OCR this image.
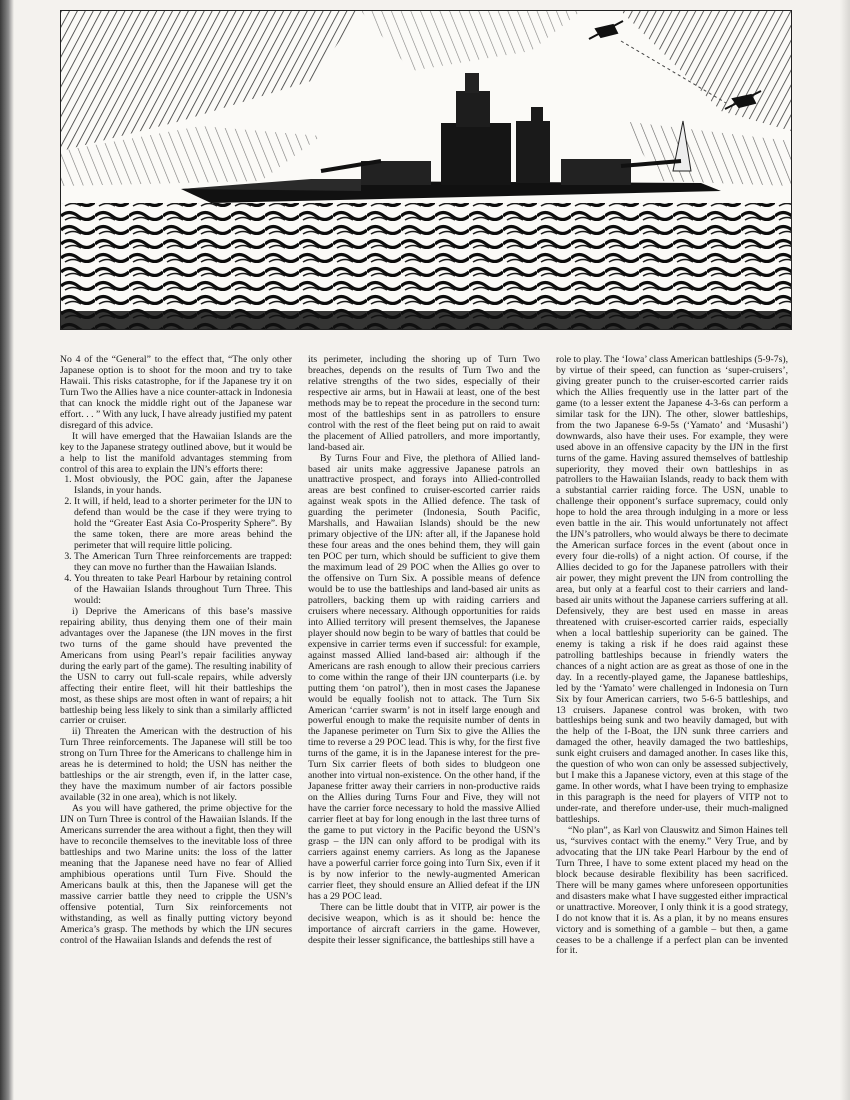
No 4 of the “General” to the effect that, “The only other Japanese option is to shoot for the moon and try to take Hawaii. This risks catastrophe, for if the Japanese try it on Turn Two the Allies have a nice counter-attack in Indonesia that can knock the middle right out of the Japanese war effort. . . ” With any luck, I have already justified my patent disregard of this advice.

It will have emerged that the Hawaiian Islands are the key to the Japanese strategy outlined above, but it would be a help to list the manifold advantages stemming from control of this area to explain the IJN’s efforts there:

1. Most obviously, the POC gain, after the Japanese Islands, in your hands.
2. It will, if held, lead to a shorter perimeter for the IJN to defend than would be the case if they were trying to hold the “Greater East Asia Co-Prosperity Sphere”. By the same token, there are more areas behind the perimeter that will require little policing.
3. The American Turn Three reinforcements are trapped: they can move no further than the Hawaiian Islands.
4. You threaten to take Pearl Harbour by retaining control of the Hawaiian Islands throughout Turn Three. This would:

i) Deprive the Americans of this base’s massive repairing ability, thus denying them one of their main advantages over the Japanese (the IJN moves in the first two turns of the game should have prevented the Americans from using Pearl’s repair facilities anyway during the early part of the game). The resulting inability of the USN to carry out full-scale repairs, while adversly affecting their entire fleet, will hit their battleships the most, as these ships are most often in want of repairs; a hit battleship being less likely to sink than a similarly afflicted carrier or cruiser.

ii) Threaten the American with the destruction of his Turn Three reinforcements. The Japanese will still be too strong on Turn Three for the Americans to challenge him in areas he is determined to hold; the USN has neither the battleships or the air strength, even if, in the latter case, they have the maximum number of air factors possible available (32 in one area), which is not likely.

As you will have gathered, the prime objective for the IJN on Turn Three is control of the Hawaiian Islands. If the Americans surrender the area without a fight, then they will have to reconcile themselves to the inevitable loss of three battleships and two Marine units: the loss of the latter meaning that the Japanese need have no fear of Allied amphibious operations until Turn Five. Should the Americans baulk at this, then the Japanese will get the massive carrier battle they need to cripple the USN’s offensive potential, Turn Six reinforcements not withstanding, as well as finally putting victory beyond America’s grasp. The methods by which the IJN secures control of the Hawaiian Islands and defends the rest of

its perimeter, including the shoring up of Turn Two breaches, depends on the results of Turn Two and the relative strengths of the two sides, especially of their respective air arms, but in Hawaii at least, one of the best methods may be to repeat the procedure in the second turn: most of the battleships sent in as patrollers to ensure control with the rest of the fleet being put on raid to await the placement of Allied patrollers, and more importantly, land-based air.

By Turns Four and Five, the plethora of Allied land-based air units make aggressive Japanese patrols an unattractive prospect, and forays into Allied-controlled areas are best confined to cruiser-escorted carrier raids against weak spots in the Allied defence. The task of guarding the perimeter (Indonesia, South Pacific, Marshalls, and Hawaiian Islands) should be the new primary objective of the IJN: after all, if the Japanese hold these four areas and the ones behind them, they will gain ten POC per turn, which should be sufficient to give them the maximum lead of 29 POC when the Allies go over to the offensive on Turn Six. A possible means of defence would be to use the battleships and land-based air units as patrollers, backing them up with raiding carriers and cruisers where necessary. Although opportunities for raids into Allied territory will present themselves, the Japanese player should now begin to be wary of battles that could be expensive in carrier terms even if successful: for example, against massed Allied land-based air: although if the Americans are rash enough to allow their precious carriers to come within the range of their IJN counterparts (i.e. by putting them ‘on patrol’), then in most cases the Japanese would be equally foolish not to attack. The Turn Six American ‘carrier swarm’ is not in itself large enough and powerful enough to make the requisite number of dents in the Japanese perimeter on Turn Six to give the Allies the time to reverse a 29 POC lead. This is why, for the first five turns of the game, it is in the Japanese interest for the pre-Turn Six carrier fleets of both sides to bludgeon one another into virtual non-existence. On the other hand, if the Japanese fritter away their carriers in non-productive raids on the Allies during Turns Four and Five, they will not have the carrier force necessary to hold the massive Allied carrier fleet at bay for long enough in the last three turns of the game to put victory in the Pacific beyond the USN’s grasp – the IJN can only afford to be prodigal with its carriers against enemy carriers. As long as the Japanese have a powerful carrier force going into Turn Six, even if it is by now inferior to the newly-augmented American carrier fleet, they should ensure an Allied defeat if the IJN has a 29 POC lead.

There can be little doubt that in VITP, air power is the decisive weapon, which is as it should be: hence the importance of aircraft carriers in the game. However, despite their lesser significance, the battleships still have a

role to play. The ‘Iowa’ class American battleships (5-9-7s), by virtue of their speed, can function as ‘super-cruisers’, giving greater punch to the cruiser-escorted carrier raids which the Allies frequently use in the latter part of the game (to a lesser extent the Japanese 4-3-6s can perform a similar task for the IJN). The other, slower battleships, from the two Japanese 6-9-5s (‘Yamato’ and ‘Musashi’) downwards, also have their uses. For example, they were used above in an offensive capacity by the IJN in the first turns of the game. Having assured themselves of battleship superiority, they moved their own battleships in as patrollers to the Hawaiian Islands, ready to back them with a substantial carrier raiding force. The USN, unable to challenge their opponent’s surface supremacy, could only hope to hold the area through indulging in a more or less even battle in the air. This would unfortunately not affect the IJN’s patrollers, who would always be there to decimate the American surface forces in the event (about once in every four die-rolls) of a night action. Of course, if the Allies decided to go for the Japanese patrollers with their air power, they might prevent the IJN from controlling the area, but only at a fearful cost to their carriers and land-based air units without the Japanese carriers suffering at all. Defensively, they are best used en masse in areas threatened with cruiser-escorted carrier raids, especially when a local battleship superiority can be gained. The enemy is taking a risk if he does raid against these patrolling battleships because in friendly waters the chances of a night action are as great as those of one in the day. In a recently-played game, the Japanese battleships, led by the ‘Yamato’ were challenged in Indonesia on Turn Six by four American carriers, two 5-6-5 battleships, and 13 cruisers. Japanese control was broken, with two battleships being sunk and two heavily damaged, but with the help of the I-Boat, the IJN sunk three carriers and damaged the other, heavily damaged the two battleships, sunk eight cruisers and damaged another. In cases like this, the question of who won can only be assessed subjectively, but I make this a Japanese victory, even at this stage of the game. In other words, what I have been trying to emphasize in this paragraph is the need for players of VITP not to under-rate, and therefore under-use, their much-maligned battleships.

“No plan”, as Karl von Clauswitz and Simon Haines tell us, “survives contact with the enemy.” Very True, and by advocating that the IJN take Pearl Harbour by the end of Turn Three, I have to some extent placed my head on the block because desirable flexibility has been sacrificed. There will be many games where unforeseen opportunities and disasters make what I have suggested either impractical or unattractive. Moreover, I only think it is a good strategy, I do not know that it is. As a plan, it by no means ensures victory and is something of a gamble – but then, a game ceases to be a challenge if a perfect plan can be invented for it.
